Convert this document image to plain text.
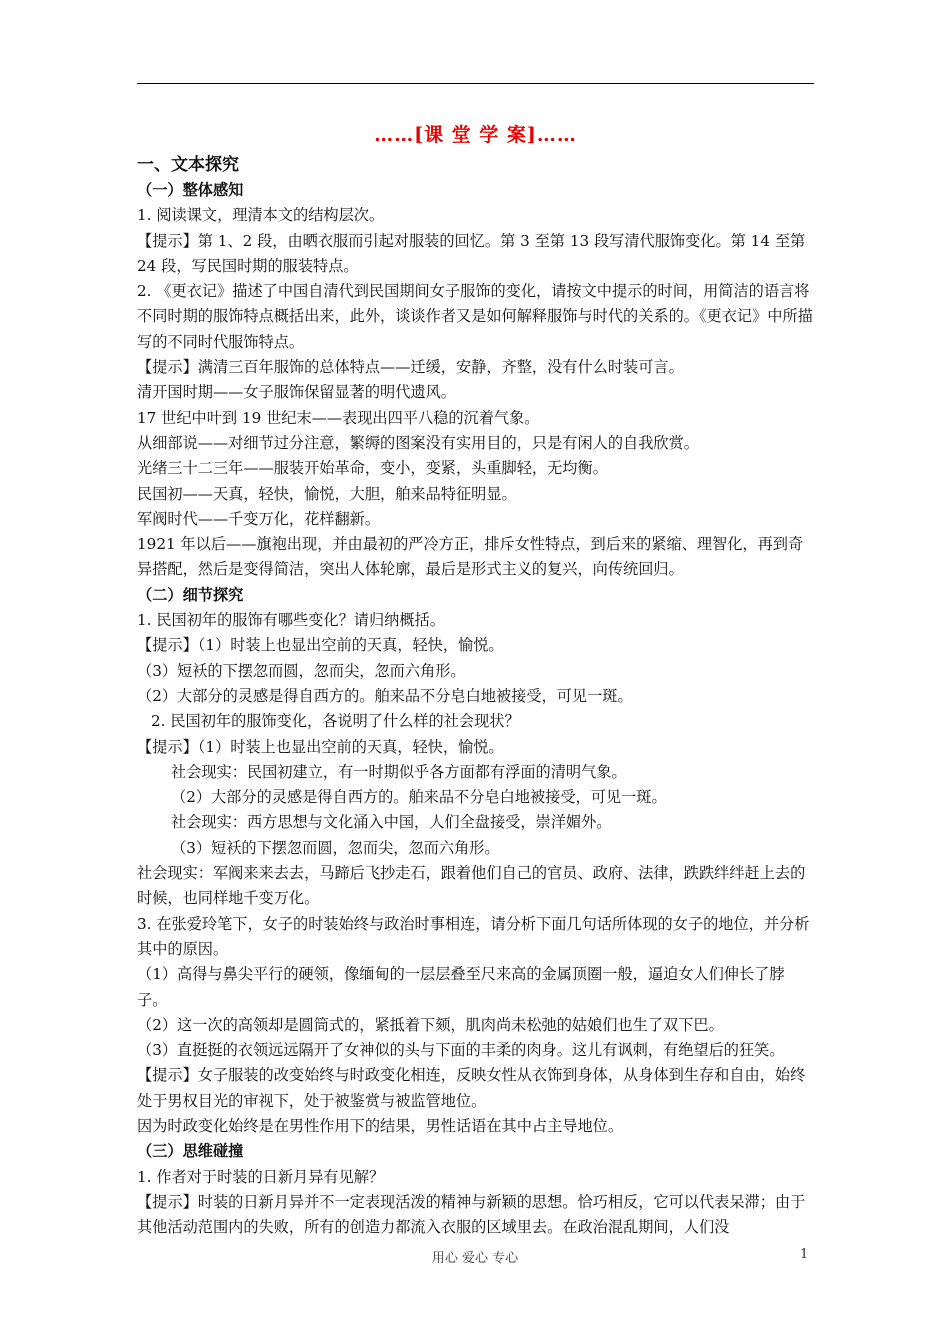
……[课 堂 学 案]……
一、文本探究
（一）整体感知

1. 阅读课文，理清本文的结构层次。

【提示】第 1、2 段，由晒衣服而引起对服装的回忆。第 3 至第 13 段写清代服饰变化。第 14 至第 24 段，写民国时期的服装特点。

2. 《更衣记》描述了中国自清代到民国期间女子服饰的变化，请按文中提示的时间，用简洁的语言将不同时期的服饰特点概括出来，此外，谈谈作者又是如何解释服饰与时代的关系的。《更衣记》中所描写的不同时代服饰特点。

【提示】满清三百年服饰的总体特点——迁缓，安静，齐整，没有什么时装可言。

清开国时期——女子服饰保留显著的明代遗风。

17 世纪中叶到 19 世纪末——表现出四平八稳的沉着气象。

从细部说——对细节过分注意，繁缛的图案没有实用目的，只是有闲人的自我欣赏。

光绪三十二三年——服装开始革命，变小，变紧，头重脚轻，无均衡。

民国初——天真，轻快，愉悦，大胆，舶来品特征明显。

军阀时代——千变万化，花样翻新。

1921 年以后——旗袍出现，并由最初的严冷方正，排斥女性特点，到后来的紧缩、理智化，再到奇异搭配，然后是变得简洁，突出人体轮廓，最后是形式主义的复兴，向传统回归。

（二）细节探究

1. 民国初年的服饰有哪些变化？请归纳概括。

【提示】（1）时装上也显出空前的天真，轻快，愉悦。

（3）短袄的下摆忽而圆，忽而尖，忽而六角形。

（2）大部分的灵感是得自西方的。舶来品不分皂白地被接受，可见一斑。

2. 民国初年的服饰变化，各说明了什么样的社会现状？

【提示】（1）时装上也显出空前的天真，轻快，愉悦。

社会现实：民国初建立，有一时期似乎各方面都有浮面的清明气象。

（2）大部分的灵感是得自西方的。舶来品不分皂白地被接受，可见一斑。

社会现实：西方思想与文化涌入中国，人们全盘接受，崇洋媚外。

（3）短袄的下摆忽而圆，忽而尖，忽而六角形。

社会现实：军阀来来去去，马蹄后飞抄走石，跟着他们自己的官员、政府、法律，跌跌绊绊赶上去的时候，也同样地千变万化。

3. 在张爱玲笔下，女子的时装始终与政治时事相连，请分析下面几句话所体现的女子的地位，并分析其中的原因。

（1）高得与鼻尖平行的硬领，像缅甸的一层层叠至尺来高的金属顶圈一般，逼迫女人们伸长了脖子。

（2）这一次的高领却是圆筒式的，紧抵着下颏，肌肉尚未松弛的姑娘们也生了双下巴。

（3）直挺挺的衣领远远隔开了女神似的头与下面的丰柔的肉身。这儿有讽刺，有绝望后的狂笑。

【提示】女子服装的改变始终与时政变化相连，反映女性从衣饰到身体，从身体到生存和自由，始终处于男权目光的审视下，处于被鉴赏与被监管地位。

因为时政变化始终是在男性作用下的结果，男性话语在其中占主导地位。

（三）思维碰撞

1. 作者对于时装的日新月异有见解？

【提示】时装的日新月异并不一定表现活泼的精神与新颖的思想。恰巧相反，它可以代表呆滞；由于其他活动范围内的失败，所有的创造力都流入衣服的区域里去。在政治混乱期间，人们没

用心 爱心 专心	1
